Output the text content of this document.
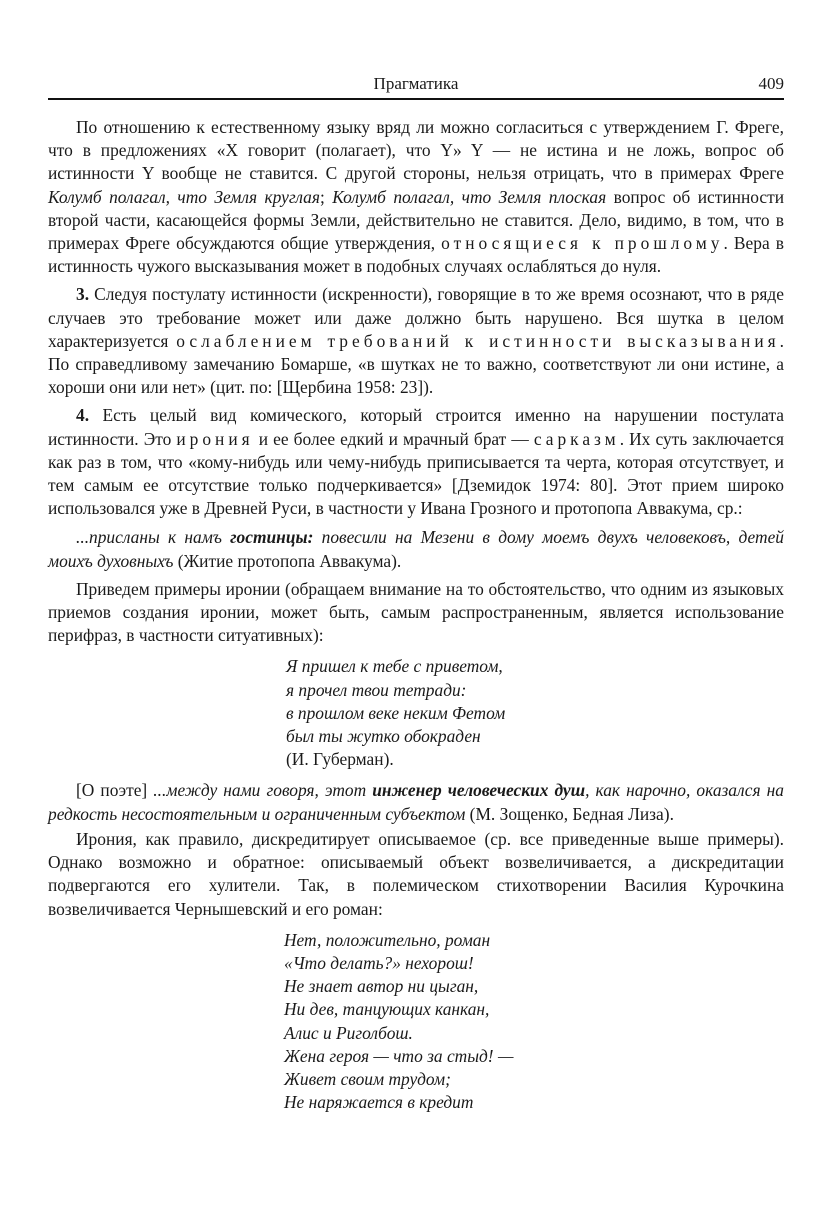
Прагматика	409

По отношению к естественному языку вряд ли можно согласиться с утверждением Г. Фреге, что в предложениях «X говорит (полагает), что Y» Y — не истина и не ложь, вопрос об истинности Y вообще не ставится. С другой стороны, нельзя отрицать, что в примерах Фреге Колумб полагал, что Земля круглая; Колумб полагал, что Земля плоская вопрос об истинности второй части, касающейся формы Земли, действительно не ставится. Дело, видимо, в том, что в примерах Фреге обсуждаются общие утверждения, относящиеся к прошлому. Вера в истинность чужого высказывания может в подобных случаях ослабляться до нуля.

3. Следуя постулату истинности (искренности), говорящие в то же время осознают, что в ряде случаев это требование может или даже должно быть нарушено. Вся шутка в целом характеризуется ослаблением требований к истинности высказывания. По справедливому замечанию Бомарше, «в шутках не то важно, соответствуют ли они истине, а хороши они или нет» (цит. по: [Щербина 1958: 23]).

4. Есть целый вид комического, который строится именно на нарушении постулата истинности. Это ирония и ее более едкий и мрачный брат — сарказм. Их суть заключается как раз в том, что «кому-нибудь или чему-нибудь приписывается та черта, которая отсутствует, и тем самым ее отсутствие только подчеркивается» [Дземидок 1974: 80]. Этот прием широко использовался уже в Древней Руси, в частности у Ивана Грозного и протопопа Аввакума, ср.:

...присланы к намъ гостинцы: повесили на Мезени в дому моемъ двухъ человековъ, детей моихъ духовныхъ (Житие протопопа Аввакума).

Приведем примеры иронии (обращаем внимание на то обстоятельство, что одним из языковых приемов создания иронии, может быть, самым распространенным, является использование перифраз, в частности ситуативных):

Я пришел к тебе с приветом,
я прочел твои тетради:
в прошлом веке неким Фетом
был ты жутко обокраден
(И. Губерман).

[О поэте] ...между нами говоря, этот инженер человеческих душ, как нарочно, оказался на редкость несостоятельным и ограниченным субъектом (М. Зощенко, Бедная Лиза).

Ирония, как правило, дискредитирует описываемое (ср. все приведенные выше примеры). Однако возможно и обратное: описываемый объект возвеличивается, а дискредитации подвергаются его хулители. Так, в полемическом стихотворении Василия Курочкина возвеличивается Чернышевский и его роман:

Нет, положительно, роман
«Что делать?» нехорош!
Не знает автор ни цыган,
Ни дев, танцующих канкан,
Алис и Риголбош.
Жена героя — что за стыд! —
Живет своим трудом;
Не наряжается в кредит
